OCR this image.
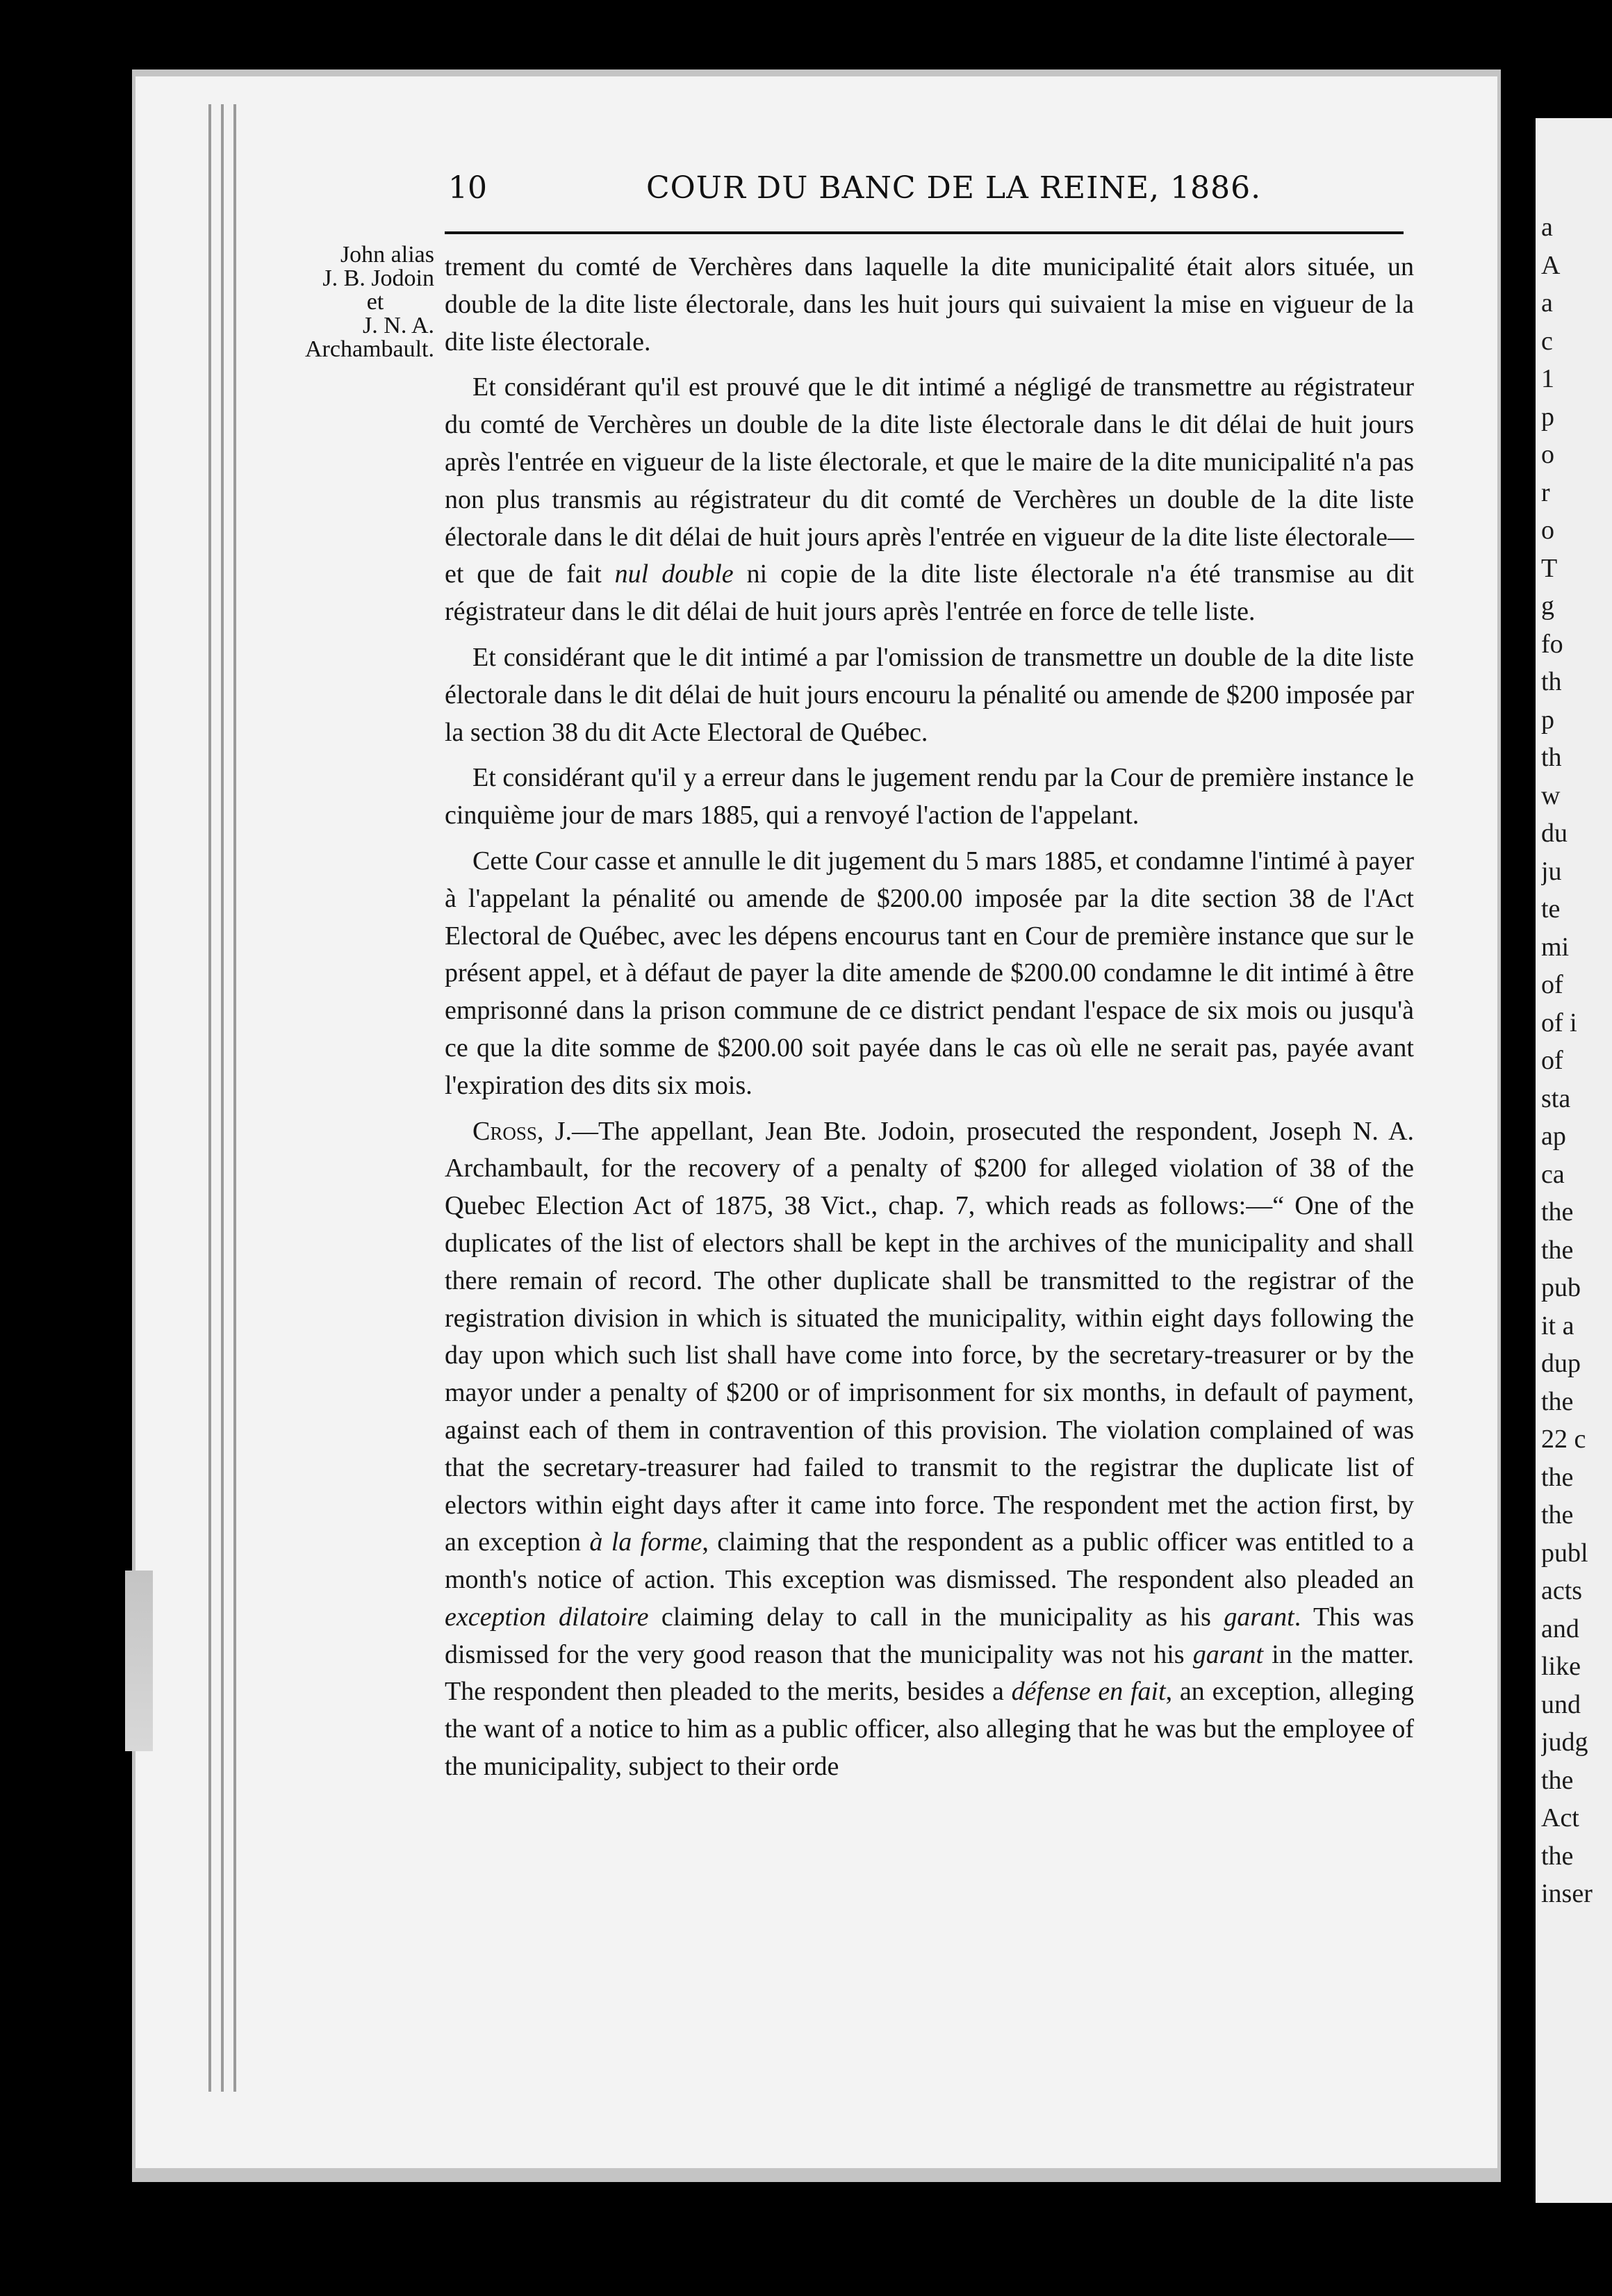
a
A
a
c
1
p
o
r
o
T
g
fo
th
p
th
w
du
ju
te
mi
of
of i
of
sta
ap
ca
the
the
pub
it a
dup
the
22 c
the
the
publ
acts
and
like
und
judg
the
Act
the
inser
10	COUR DU BANC DE LA REINE, 1886.
John alias
J. B. Jodoin
et
J. N. A.
Archambault.

trement du comté de Verchères dans laquelle la dite municipalité était alors située, un double de la dite liste électorale, dans les huit jours qui suivaient la mise en vigueur de la dite liste électorale.

Et considérant qu'il est prouvé que le dit intimé a négligé de transmettre au régistrateur du comté de Verchères un double de la dite liste électorale dans le dit délai de huit jours après l'entrée en vigueur de la liste électorale, et que le maire de la dite municipalité n'a pas non plus transmis au régistrateur du dit comté de Verchères un double de la dite liste électorale dans le dit délai de huit jours après l'entrée en vigueur de la dite liste électorale—et que de fait nul double ni copie de la dite liste électorale n'a été transmise au dit régistrateur dans le dit délai de huit jours après l'entrée en force de telle liste.

Et considérant que le dit intimé a par l'omission de transmettre un double de la dite liste électorale dans le dit délai de huit jours encouru la pénalité ou amende de $200 imposée par la section 38 du dit Acte Electoral de Québec.

Et considérant qu'il y a erreur dans le jugement rendu par la Cour de première instance le cinquième jour de mars 1885, qui a renvoyé l'action de l'appelant.

Cette Cour casse et annulle le dit jugement du 5 mars 1885, et condamne l'intimé à payer à l'appelant la pénalité ou amende de $200.00 imposée par la dite section 38 de l'Act Electoral de Québec, avec les dépens encourus tant en Cour de première instance que sur le présent appel, et à défaut de payer la dite amende de $200.00 condamne le dit intimé à être emprisonné dans la prison commune de ce district pendant l'espace de six mois ou jusqu'à ce que la dite somme de $200.00 soit payée dans le cas où elle ne serait pas, payée avant l'expiration des dits six mois.

Cross, J.—The appellant, Jean Bte. Jodoin, prosecuted the respondent, Joseph N. A. Archambault, for the recovery of a penalty of $200 for alleged violation of 38 of the Quebec Election Act of 1875, 38 Vict., chap. 7, which reads as follows:—“ One of the duplicates of the list of electors shall be kept in the archives of the municipality and shall there remain of record. The other duplicate shall be transmitted to the registrar of the registration division in which is situated the municipality, within eight days following the day upon which such list shall have come into force, by the secretary-treasurer or by the mayor under a penalty of $200 or of imprisonment for six months, in default of payment, against each of them in contravention of this provision. The violation complained of was that the secretary-treasurer had failed to transmit to the registrar the duplicate list of electors within eight days after it came into force. The respondent met the action first, by an exception à la forme, claiming that the respondent as a public officer was entitled to a month's notice of action. This exception was dismissed. The respondent also pleaded an exception dilatoire claiming delay to call in the municipality as his garant. This was dismissed for the very good reason that the municipality was not his garant in the matter. The respondent then pleaded to the merits, besides a défense en fait, an exception, alleging the want of a notice to him as a public officer, also alleging that he was but the employee of the municipality, subject to their orde
